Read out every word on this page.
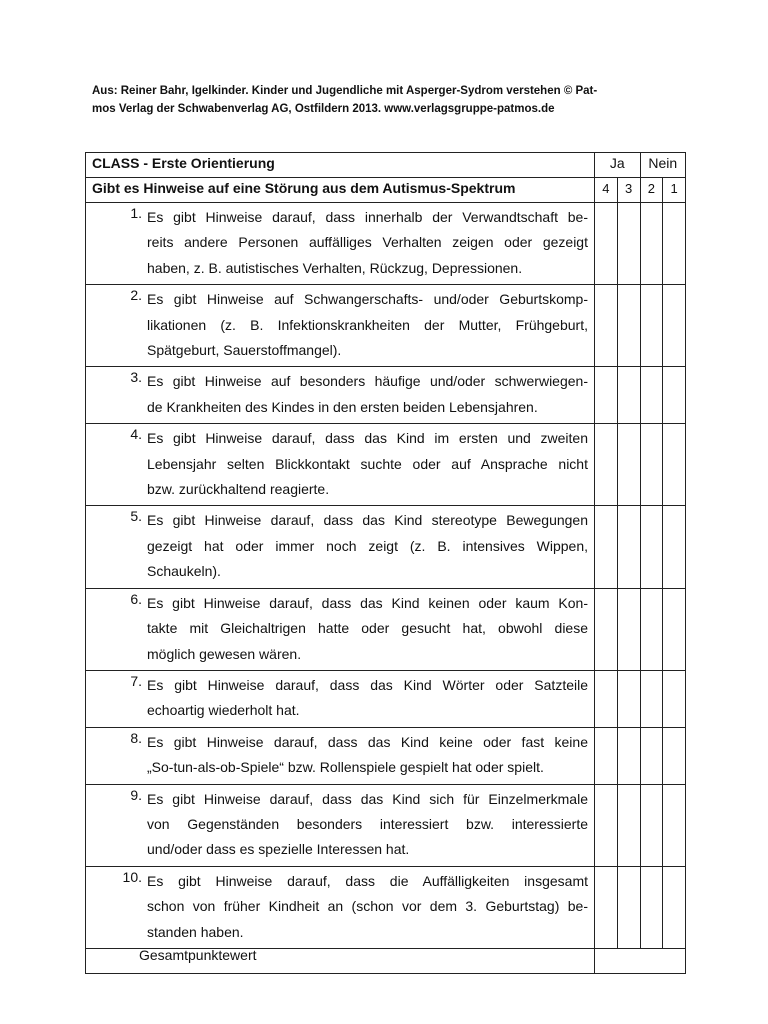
Aus: Reiner Bahr, Igelkinder. Kinder und Jugendliche mit Asperger-Sydrom verstehen © Pat-
mos Verlag der Schwabenverlag AG, Ostfildern 2013. www.verlagsgruppe-patmos.de
CLASS - Erste Orientierung	Ja		Nein	
Gibt es Hinweise auf eine Störung aus dem Autismus-Spektrum	4	3	2	1

1. Es gibt Hinweise darauf, dass innerhalb der Verwandtschaft be-
reits andere Personen auffälliges Verhalten zeigen oder gezeigt
haben, z. B. autistisches Verhalten, Rückzug, Depressionen.				

2. Es gibt Hinweise auf Schwangerschafts- und/oder Geburtskomp-
likationen (z. B. Infektionskrankheiten der Mutter, Frühgeburt,
Spätgeburt, Sauerstoffmangel).				

3. Es gibt Hinweise auf besonders häufige und/oder schwerwiegen-
de Krankheiten des Kindes in den ersten beiden Lebensjahren.				

4. Es gibt Hinweise darauf, dass das Kind im ersten und zweiten
Lebensjahr selten Blickkontakt suchte oder auf Ansprache nicht
bzw. zurückhaltend reagierte.				

5. Es gibt Hinweise darauf, dass das Kind stereotype Bewegungen
gezeigt hat oder immer noch zeigt (z. B. intensives Wippen,
Schaukeln).				

6. Es gibt Hinweise darauf, dass das Kind keinen oder kaum Kon-
takte mit Gleichaltrigen hatte oder gesucht hat, obwohl diese
möglich gewesen wären.				

7. Es gibt Hinweise darauf, dass das Kind Wörter oder Satzteile
echoartig wiederholt hat.				

8. Es gibt Hinweise darauf, dass das Kind keine oder fast keine
„So-tun-als-ob-Spiele“ bzw. Rollenspiele gespielt hat oder spielt.				

9. Es gibt Hinweise darauf, dass das Kind sich für Einzelmerkmale
von Gegenständen besonders interessiert bzw. interessierte
und/oder dass es spezielle Interessen hat.				

10. Es gibt Hinweise darauf, dass die Auffälligkeiten insgesamt
schon von früher Kindheit an (schon vor dem 3. Geburtstag) be-
standen haben.				

Gesamtpunktewert				
